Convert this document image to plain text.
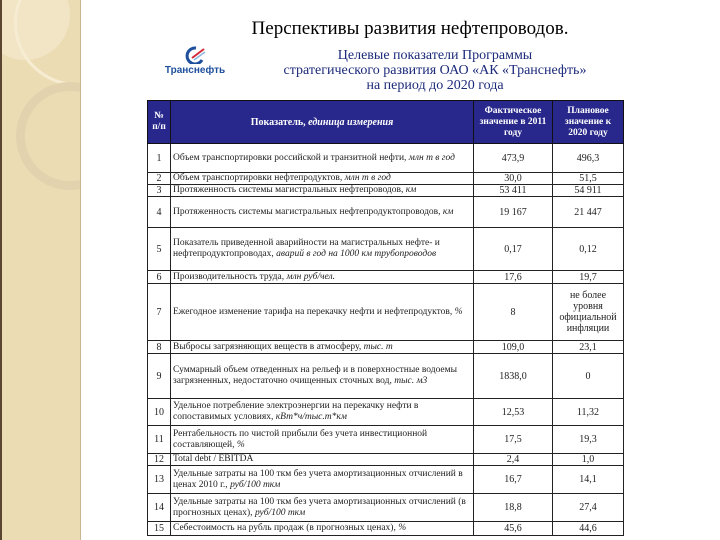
Перспективы развития нефтепроводов.
Транснефть
Целевые показатели Программы
стратегического развития ОАО «АК «Транснефть»
на период до 2020 года
№ п/п	Показатель, единица измерения	Фактическое значение в 2011 году	Плановое значение к 2020 году
1	Объем транспортировки российской и транзитной нефти, млн т в год	473,9	496,3
2	Объем транспортировки нефтепродуктов, млн т в год	30,0	51,5
3	Протяженность системы магистральных нефтепроводов, км	53 411	54 911
4	Протяженность системы магистральных нефтепродуктопроводов, км	19 167	21 447
5	Показатель приведенной аварийности на магистральных нефте- и нефтепродуктопроводах, аварий в год на 1000 км трубопроводов	0,17	0,12
6	Производительность труда, млн руб/чел.	17,6	19,7
7	Ежегодное изменение тарифа на перекачку нефти и нефтепродуктов, %	8	не более уровня официальной инфляции
8	Выбросы загрязняющих веществ в атмосферу, тыс. т	109,0	23,1
9	Суммарный объем отведенных на рельеф и в поверхностные водоемы загрязненных, недостаточно очищенных сточных вод, тыс. м3	1838,0	0
10	Удельное потребление электроэнергии на перекачку нефти в сопоставимых условиях, кВт*ч/тыс.т*км	12,53	11,32
11	Рентабельность по чистой прибыли без учета инвестиционной составляющей, %	17,5	19,3
12	Total debt / EBITDA	2,4	1,0
13	Удельные затраты на 100 ткм без учета амортизационных отчислений в ценах 2010 г., руб/100 ткм	16,7	14,1
14	Удельные затраты на 100 ткм без учета амортизационных отчислений (в прогнозных ценах), руб/100 ткм	18,8	27,4
15	Себестоимость на рубль продаж (в прогнозных ценах), %	45,6	44,6
